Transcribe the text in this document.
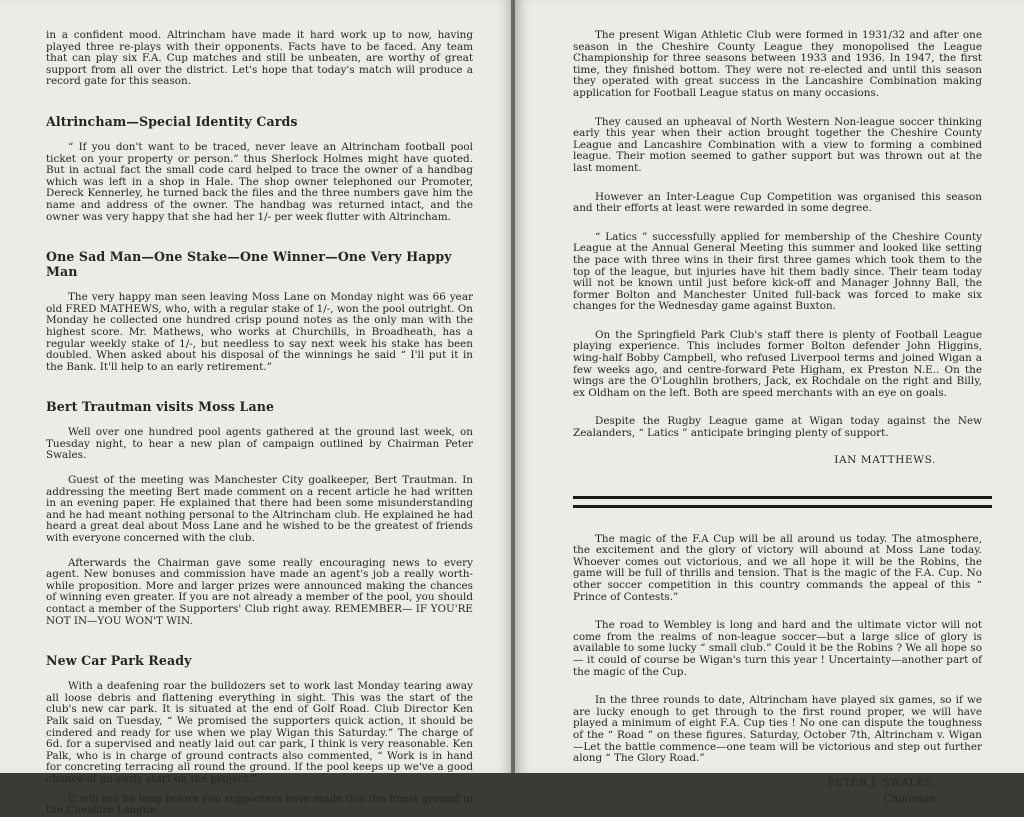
in a confident mood. Altrincham have made it hard work up to now, having played three re-plays with their opponents. Facts have to be faced. Any team that can play six F.A. Cup matches and still be unbeaten, are worthy of great support from all over the district. Let's hope that today's match will produce a record gate for this season.

Altrincham—Special Identity Cards

“ If you don't want to be traced, never leave an Altrincham football pool ticket on your property or person.” thus Sherlock Holmes might have quoted. But in actual fact the small code card helped to trace the owner of a handbag which was left in a shop in Hale. The shop owner telephoned our Promoter, Dereck Kennerley, he turned back the files and the three numbers gave him the name and address of the owner. The handbag was returned intact, and the owner was very happy that she had her 1/- per week flutter with Altrincham.

One Sad Man—One Stake—One Winner—One Very Happy Man

The very happy man seen leaving Moss Lane on Monday night was 66 year old FRED MATHEWS, who, with a regular stake of 1/-, won the pool outright. On Monday he collected one hundred crisp pound notes as the only man with the highest score. Mr. Mathews, who works at Churchills, in Broadheath, has a regular weekly stake of 1/-, but needless to say next week his stake has been doubled. When asked about his disposal of the winnings he said “ I'll put it in the Bank. It'll help to an early retirement.”

Bert Trautman visits Moss Lane

Well over one hundred pool agents gathered at the ground last week, on Tuesday night, to hear a new plan of campaign outlined by Chairman Peter Swales.

Guest of the meeting was Manchester City goalkeeper, Bert Trautman. In addressing the meeting Bert made comment on a recent article he had written in an evening paper. He explained that there had been some misunderstanding and he had meant nothing personal to the Altrincham club. He explained he had heard a great deal about Moss Lane and he wished to be the greatest of friends with everyone concerned with the club.

Afterwards the Chairman gave some really encouraging news to every agent. New bonuses and commission have made an agent's job a really worth-while proposition. More and larger prizes were announced making the chances of winning even greater. If you are not already a member of the pool, you should contact a member of the Supporters' Club right away. REMEMBER— IF YOU'RE NOT IN—YOU WON'T WIN.

New Car Park Ready

With a deafening roar the bulldozers set to work last Monday tearing away all loose debris and flattening everything in sight. This was the start of the club's new car park. It is situated at the end of Golf Road. Club Director Ken Palk said on Tuesday, “ We promised the supporters quick action, it should be cindered and ready for use when we play Wigan this Saturday.” The charge of 6d. for a supervised and neatly laid out car park, I think is very reasonable. Ken Palk, who is in charge of ground contracts also commented, “ Work is in hand for concreting terracing all round the ground. If the pool keeps up we've a good chance of an early start on the project.”

It will not be long before you supporters have made this the finest ground in the Cheshire League.

The present Wigan Athletic Club were formed in 1931/32 and after one season in the Cheshire County League they monopolised the League Championship for three seasons between 1933 and 1936. In 1947, the first time, they finished bottom. They were not re-elected and until this season they operated with great success in the Lancashire Combination making application for Football League status on many occasions.

They caused an upheaval of North Western Non-league soccer thinking early this year when their action brought together the Cheshire County League and Lancashire Combination with a view to forming a combined league. Their motion seemed to gather support but was thrown out at the last moment.

However an Inter-League Cup Competition was organised this season and their efforts at least were rewarded in some degree.

“ Latics ” successfully applied for membership of the Cheshire County League at the Annual General Meeting this summer and looked like setting the pace with three wins in their first three games which took them to the top of the league, but injuries have hit them badly since. Their team today will not be known until just before kick-off and Manager Johnny Ball, the former Bolton and Manchester United full-back was forced to make six changes for the Wednesday game against Buxton.

On the Springfield Park Club's staff there is plenty of Football League playing experience. This includes former Bolton defender John Higgins, wing-half Bobby Campbell, who refused Liverpool terms and joined Wigan a few weeks ago, and centre-forward Pete Higham, ex Preston N.E.. On the wings are the O'Loughlin brothers, Jack, ex Rochdale on the right and Billy, ex Oldham on the left. Both are speed merchants with an eye on goals.

Despite the Rugby League game at Wigan today against the New Zealanders, “ Latics ” anticipate bringing plenty of support.

IAN MATTHEWS.

The magic of the F.A Cup will be all around us today. The atmosphere, the excitement and the glory of victory will abound at Moss Lane today. Whoever comes out victorious, and we all hope it will be the Robins, the game will be full of thrills and tension. That is the magic of the F.A. Cup. No other soccer competition in this country commands the appeal of this “ Prince of Contests.”

The road to Wembley is long and hard and the ultimate victor will not come from the realms of non-league soccer—but a large slice of glory is available to some lucky “ small club.” Could it be the Robins ? We all hope so— it could of course be Wigan's turn this year ! Uncertainty—another part of the magic of the Cup.

In the three rounds to date, Altrincham have played six games, so if we are lucky enough to get through to the first round proper, we will have played a minimum of eight F.A. Cup ties ! No one can dispute the toughness of the “ Road ” on these figures. Saturday, October 7th, Altrincham v. Wigan—Let the battle commence—one team will be victorious and step out further along “ The Glory Road.”

PETER J. SWALES,
Chairman
